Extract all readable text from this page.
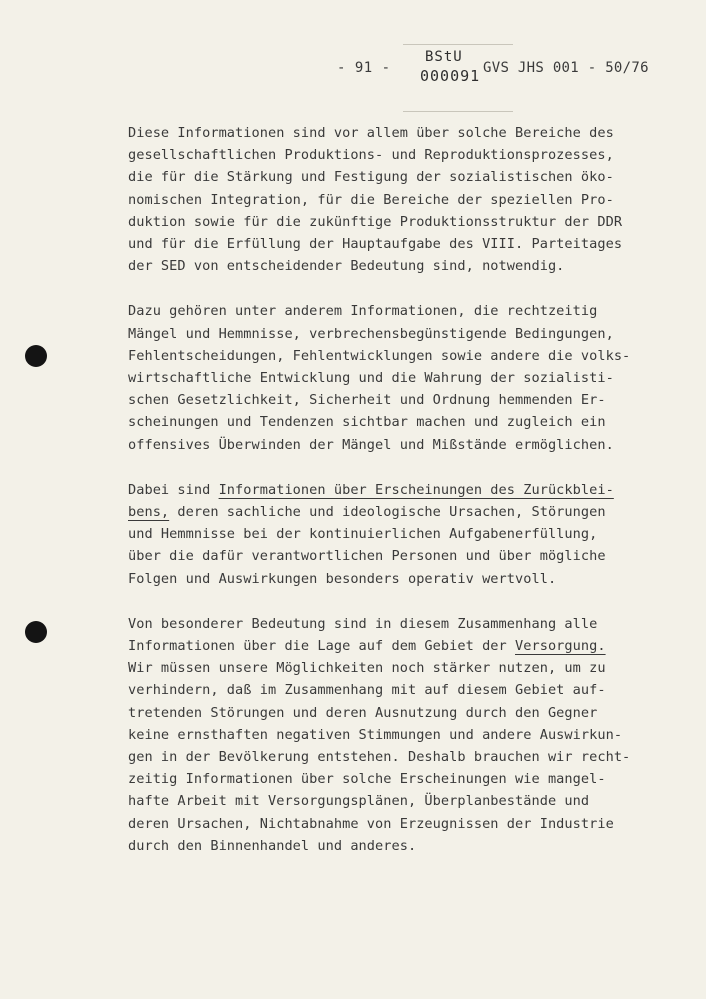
- 91 -
BStU
000091 GVS JHS 001 - 50/76
Diese Informationen sind vor allem über solche Bereiche des
gesellschaftlichen Produktions- und Reproduktionsprozesses,
die für die Stärkung und Festigung der sozialistischen öko-
nomischen Integration, für die Bereiche der speziellen Pro-
duktion sowie für die zukünftige Produktionsstruktur der DDR
und für die Erfüllung der Hauptaufgabe des VIII. Parteitages
der SED von entscheidender Bedeutung sind, notwendig.
Dazu gehören unter anderem Informationen, die rechtzeitig
Mängel und Hemmnisse, verbrechensbegünstigende Bedingungen,
Fehlentscheidungen, Fehlentwicklungen sowie andere die volks-
wirtschaftliche Entwicklung und die Wahrung der sozialisti-
schen Gesetzlichkeit, Sicherheit und Ordnung hemmenden Er-
scheinungen und Tendenzen sichtbar machen und zugleich ein
offensives Überwinden der Mängel und Mißstände ermöglichen.
Dabei sind Informationen über Erscheinungen des Zurückblei-
bens, deren sachliche und ideologische Ursachen, Störungen
und Hemmnisse bei der kontinuierlichen Aufgabenerfüllung,
über die dafür verantwortlichen Personen und über mögliche
Folgen und Auswirkungen besonders operativ wertvoll.
Von besonderer Bedeutung sind in diesem Zusammenhang alle
Informationen über die Lage auf dem Gebiet der Versorgung.
Wir müssen unsere Möglichkeiten noch stärker nutzen, um zu
verhindern, daß im Zusammenhang mit auf diesem Gebiet auf-
tretenden Störungen und deren Ausnutzung durch den Gegner
keine ernsthaften negativen Stimmungen und andere Auswirkun-
gen in der Bevölkerung entstehen. Deshalb brauchen wir recht-
zeitig Informationen über solche Erscheinungen wie mangel-
hafte Arbeit mit Versorgungsplänen, Überplanbestände und
deren Ursachen, Nichtabnahme von Erzeugnissen der Industrie
durch den Binnenhandel und anderes.
